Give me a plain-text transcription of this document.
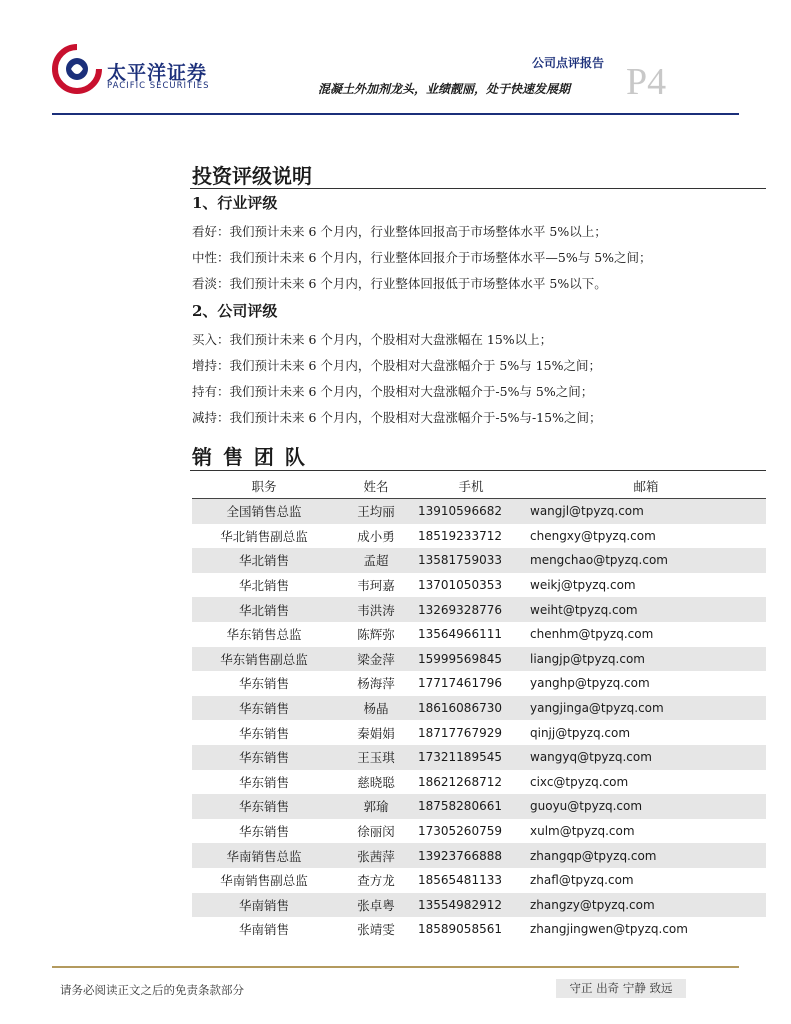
太平洋证券
PACIFIC SECURITIES
公司点评报告
混凝土外加剂龙头，业绩靓丽，处于快速发展期 P4
投资评级说明
1、行业评级
看好：我们预计未来 6 个月内，行业整体回报高于市场整体水平 5%以上；
中性：我们预计未来 6 个月内，行业整体回报介于市场整体水平—5%与 5%之间；
看淡：我们预计未来 6 个月内，行业整体回报低于市场整体水平 5%以下。
2、公司评级
买入：我们预计未来 6 个月内，个股相对大盘涨幅在 15%以上；
增持：我们预计未来 6 个月内，个股相对大盘涨幅介于 5%与 15%之间；
持有：我们预计未来 6 个月内，个股相对大盘涨幅介于-5%与 5%之间；
减持：我们预计未来 6 个月内，个股相对大盘涨幅介于-5%与-15%之间；
销 售 团 队
职务	姓名	手机	邮箱
全国销售总监	王均丽	13910596682	wangjl@tpyzq.com
华北销售副总监	成小勇	18519233712	chengxy@tpyzq.com
华北销售	孟超	13581759033	mengchao@tpyzq.com
华北销售	韦珂嘉	13701050353	weikj@tpyzq.com
华北销售	韦洪涛	13269328776	weiht@tpyzq.com
华东销售总监	陈辉弥	13564966111	chenhm@tpyzq.com
华东销售副总监	梁金萍	15999569845	liangjp@tpyzq.com
华东销售	杨海萍	17717461796	yanghp@tpyzq.com
华东销售	杨晶	18616086730	yangjinga@tpyzq.com
华东销售	秦娟娟	18717767929	qinjj@tpyzq.com
华东销售	王玉琪	17321189545	wangyq@tpyzq.com
华东销售	慈晓聪	18621268712	cixc@tpyzq.com
华东销售	郭瑜	18758280661	guoyu@tpyzq.com
华东销售	徐丽闵	17305260759	xulm@tpyzq.com
华南销售总监	张茜萍	13923766888	zhangqp@tpyzq.com
华南销售副总监	查方龙	18565481133	zhafl@tpyzq.com
华南销售	张卓粤	13554982912	zhangzy@tpyzq.com
华南销售	张靖雯	18589058561	zhangjingwen@tpyzq.com
请务必阅读正文之后的免责条款部分	守正 出奇 宁静 致远
